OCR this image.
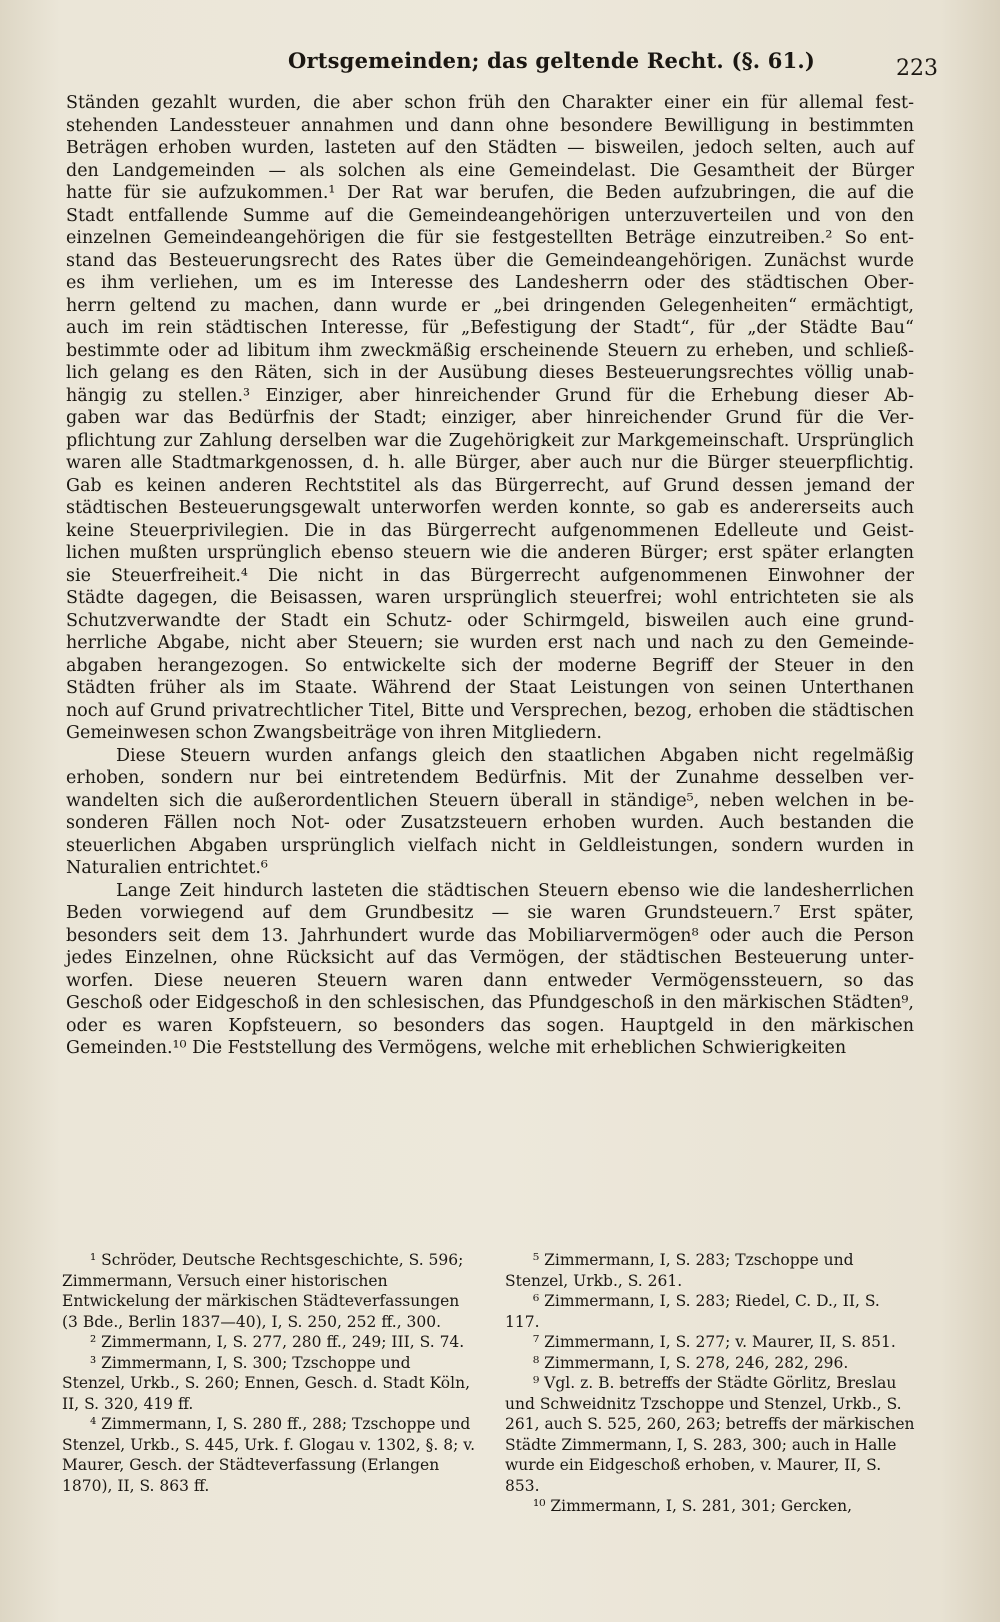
Ortsgemeinden; das geltende Recht. (§. 61.)	223
Ständen gezahlt wurden, die aber schon früh den Charakter einer ein für allemal fest-
stehenden Landessteuer annahmen und dann ohne besondere Bewilligung in bestimmten
Beträgen erhoben wurden, lasteten auf den Städten — bisweilen, jedoch selten, auch auf
den Landgemeinden — als solchen als eine Gemeindelast. Die Gesamtheit der Bürger
hatte für sie aufzukommen.¹ Der Rat war berufen, die Beden aufzubringen, die auf die
Stadt entfallende Summe auf die Gemeindeangehörigen unterzuverteilen und von den
einzelnen Gemeindeangehörigen die für sie festgestellten Beträge einzutreiben.² So ent-
stand das Besteuerungsrecht des Rates über die Gemeindeangehörigen. Zunächst wurde
es ihm verliehen, um es im Interesse des Landesherrn oder des städtischen Ober-
herrn geltend zu machen, dann wurde er „bei dringenden Gelegenheiten“ ermächtigt,
auch im rein städtischen Interesse, für „Befestigung der Stadt“, für „der Städte Bau“
bestimmte oder ad libitum ihm zweckmäßig erscheinende Steuern zu erheben, und schließ-
lich gelang es den Räten, sich in der Ausübung dieses Besteuerungsrechtes völlig unab-
hängig zu stellen.³ Einziger, aber hinreichender Grund für die Erhebung dieser Ab-
gaben war das Bedürfnis der Stadt; einziger, aber hinreichender Grund für die Ver-
pflichtung zur Zahlung derselben war die Zugehörigkeit zur Markgemeinschaft. Ursprünglich
waren alle Stadtmarkgenossen, d. h. alle Bürger, aber auch nur die Bürger steuerpflichtig.
Gab es keinen anderen Rechtstitel als das Bürgerrecht, auf Grund dessen jemand der
städtischen Besteuerungsgewalt unterworfen werden konnte, so gab es andererseits auch
keine Steuerprivilegien. Die in das Bürgerrecht aufgenommenen Edelleute und Geist-
lichen mußten ursprünglich ebenso steuern wie die anderen Bürger; erst später erlangten
sie Steuerfreiheit.⁴ Die nicht in das Bürgerrecht aufgenommenen Einwohner der
Städte dagegen, die Beisassen, waren ursprünglich steuerfrei; wohl entrichteten sie als
Schutzverwandte der Stadt ein Schutz- oder Schirmgeld, bisweilen auch eine grund-
herrliche Abgabe, nicht aber Steuern; sie wurden erst nach und nach zu den Gemeinde-
abgaben herangezogen. So entwickelte sich der moderne Begriff der Steuer in den
Städten früher als im Staate. Während der Staat Leistungen von seinen Unterthanen
noch auf Grund privatrechtlicher Titel, Bitte und Versprechen, bezog, erhoben die städtischen
Gemeinwesen schon Zwangsbeiträge von ihren Mitgliedern.
Diese Steuern wurden anfangs gleich den staatlichen Abgaben nicht regelmäßig
erhoben, sondern nur bei eintretendem Bedürfnis. Mit der Zunahme desselben ver-
wandelten sich die außerordentlichen Steuern überall in ständige⁵, neben welchen in be-
sonderen Fällen noch Not- oder Zusatzsteuern erhoben wurden. Auch bestanden die
steuerlichen Abgaben ursprünglich vielfach nicht in Geldleistungen, sondern wurden in
Naturalien entrichtet.⁶
Lange Zeit hindurch lasteten die städtischen Steuern ebenso wie die landesherrlichen
Beden vorwiegend auf dem Grundbesitz — sie waren Grundsteuern.⁷ Erst später,
besonders seit dem 13. Jahrhundert wurde das Mobiliarvermögen⁸ oder auch die Person
jedes Einzelnen, ohne Rücksicht auf das Vermögen, der städtischen Besteuerung unter-
worfen. Diese neueren Steuern waren dann entweder Vermögenssteuern, so das
Geschoß oder Eidgeschoß in den schlesischen, das Pfundgeschoß in den märkischen Städten⁹,
oder es waren Kopfsteuern, so besonders das sogen. Hauptgeld in den märkischen
Gemeinden.¹⁰ Die Feststellung des Vermögens, welche mit erheblichen Schwierigkeiten

¹ Schröder, Deutsche Rechtsgeschichte, S. 596; Zimmermann, Versuch einer historischen Entwickelung der märkischen Städteverfassungen (3 Bde., Berlin 1837—40), I, S. 250, 252 ff., 300.

² Zimmermann, I, S. 277, 280 ff., 249; III, S. 74.

³ Zimmermann, I, S. 300; Tzschoppe und Stenzel, Urkb., S. 260; Ennen, Gesch. d. Stadt Köln, II, S. 320, 419 ff.

⁴ Zimmermann, I, S. 280 ff., 288; Tzschoppe und Stenzel, Urkb., S. 445, Urk. f. Glogau v. 1302, §. 8; v. Maurer, Gesch. der Städteverfassung (Erlangen 1870), II, S. 863 ff.

⁵ Zimmermann, I, S. 283; Tzschoppe und Stenzel, Urkb., S. 261.

⁶ Zimmermann, I, S. 283; Riedel, C. D., II, S. 117.

⁷ Zimmermann, I, S. 277; v. Maurer, II, S. 851.

⁸ Zimmermann, I, S. 278, 246, 282, 296.

⁹ Vgl. z. B. betreffs der Städte Görlitz, Breslau und Schweidnitz Tzschoppe und Stenzel, Urkb., S. 261, auch S. 525, 260, 263; betreffs der märkischen Städte Zimmermann, I, S. 283, 300; auch in Halle wurde ein Eidgeschoß erhoben, v. Maurer, II, S. 853.

¹⁰ Zimmermann, I, S. 281, 301; Gercken,
